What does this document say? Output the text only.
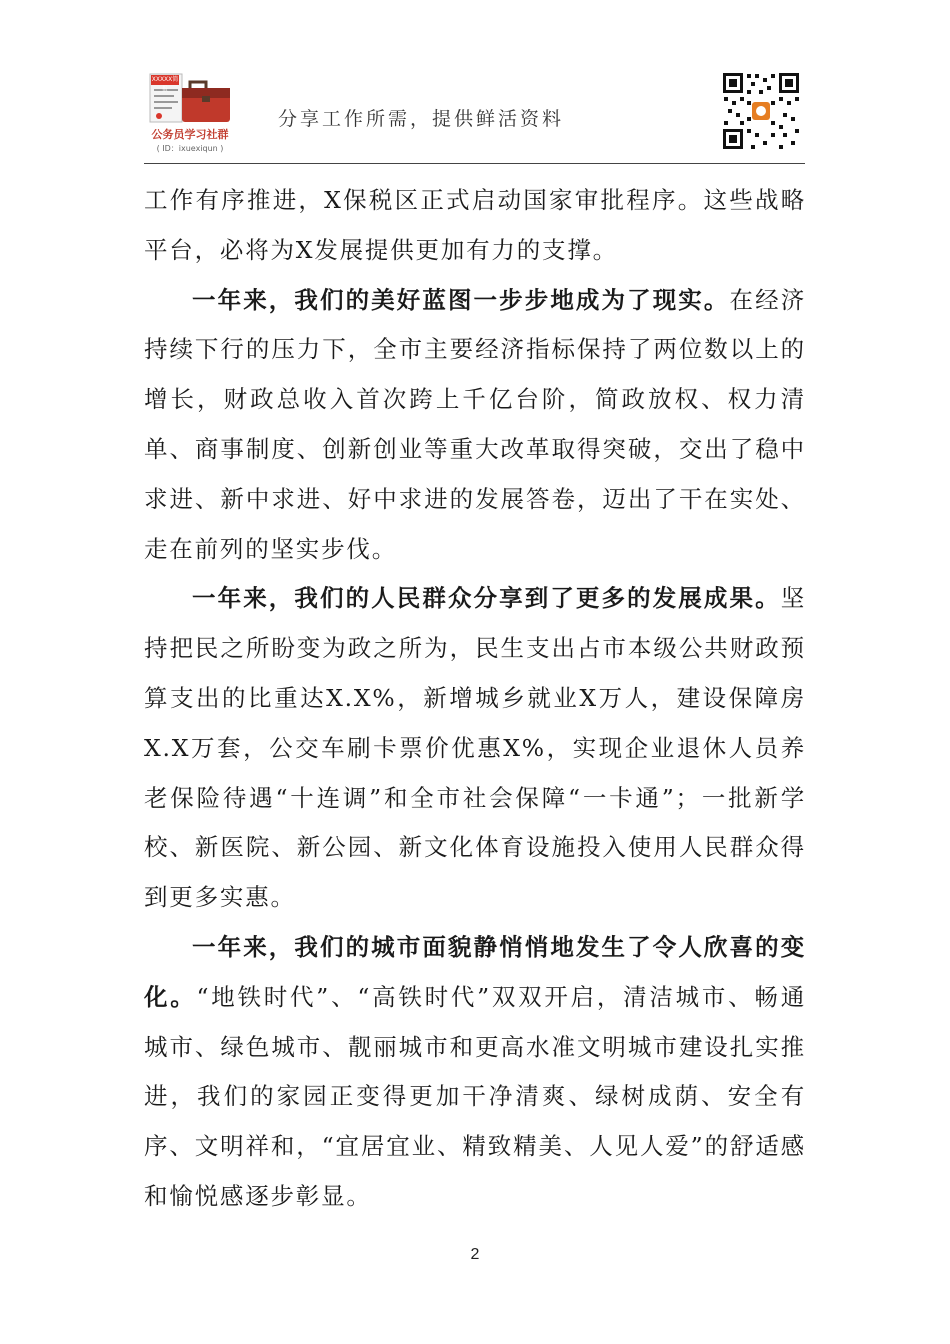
XXXXX简报
公务员学习社群
( ID：ixuexiqun )
分享工作所需，提供鲜活资料

工作有序推进，X保税区正式启动国家审批程序。这些战略平台，必将为X发展提供更加有力的支撑。

一年来，我们的美好蓝图一步步地成为了现实。在经济持续下行的压力下，全市主要经济指标保持了两位数以上的增长，财政总收入首次跨上千亿台阶，简政放权、权力清单、商事制度、创新创业等重大改革取得突破，交出了稳中求进、新中求进、好中求进的发展答卷，迈出了干在实处、走在前列的坚实步伐。

一年来，我们的人民群众分享到了更多的发展成果。坚持把民之所盼变为政之所为，民生支出占市本级公共财政预算支出的比重达X.X%，新增城乡就业X万人，建设保障房X.X万套，公交车刷卡票价优惠X%，实现企业退休人员养老保险待遇“十连调”和全市社会保障“一卡通”；一批新学校、新医院、新公园、新文化体育设施投入使用人民群众得到更多实惠。

一年来，我们的城市面貌静悄悄地发生了令人欣喜的变化。“地铁时代”、“高铁时代”双双开启，清洁城市、畅通城市、绿色城市、靓丽城市和更高水准文明城市建设扎实推进，我们的家园正变得更加干净清爽、绿树成荫、安全有序、文明祥和，“宜居宜业、精致精美、人见人爱”的舒适感和愉悦感逐步彰显。

2
